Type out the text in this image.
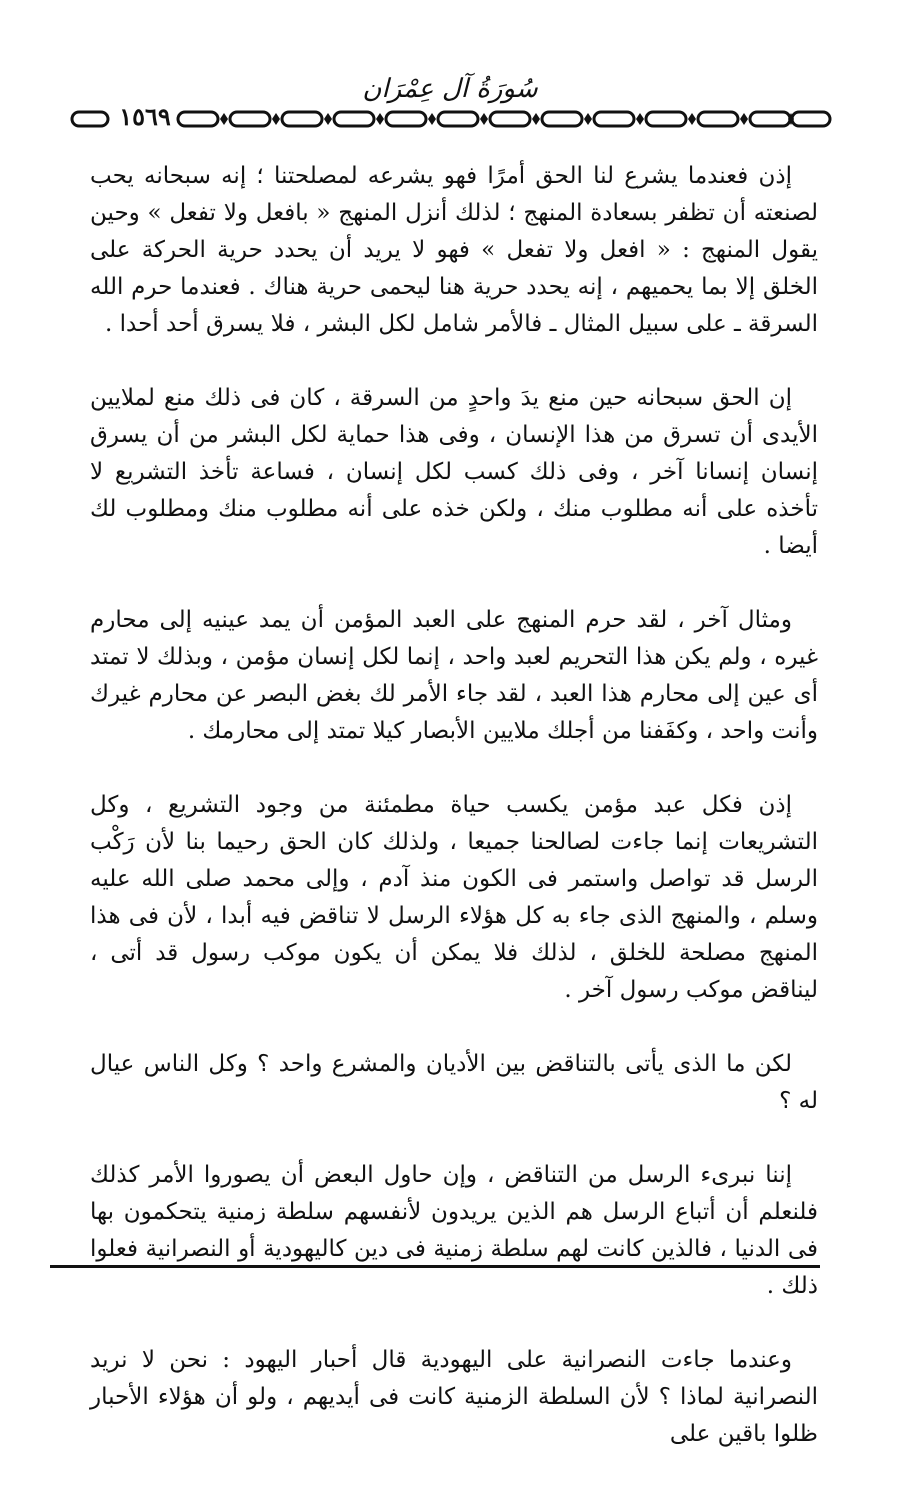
سُورَةُ آل عِمْرَان
١٥٦٩

إذن فعندما يشرع لنا الحق أمرًا فهو يشرعه لمصلحتنا ؛ إنه سبحانه يحب لصنعته أن تظفر بسعادة المنهج ؛ لذلك أنزل المنهج « بافعل ولا تفعل » وحين يقول المنهج : « افعل ولا تفعل » فهو لا يريد أن يحدد حرية الحركة على الخلق إلا بما يحميهم ، إنه يحدد حرية هنا ليحمى حرية هناك . فعندما حرم الله السرقة ـ على سبيل المثال ـ فالأمر شامل لكل البشر ، فلا يسرق أحد أحدا .

إن الحق سبحانه حين منع يدَ واحدٍ من السرقة ، كان فى ذلك منع لملايين الأيدى أن تسرق من هذا الإنسان ، وفى هذا حماية لكل البشر من أن يسرق إنسان إنسانا آخر ، وفى ذلك كسب لكل إنسان ، فساعة تأخذ التشريع لا تأخذه على أنه مطلوب منك ، ولكن خذه على أنه مطلوب منك ومطلوب لك أيضا .

ومثال آخر ، لقد حرم المنهج على العبد المؤمن أن يمد عينيه إلى محارم غيره ، ولم يكن هذا التحريم لعبد واحد ، إنما لكل إنسان مؤمن ، وبذلك لا تمتد أى عين إلى محارم هذا العبد ، لقد جاء الأمر لك بغض البصر عن محارم غيرك وأنت واحد ، وكفَفنا من أجلك ملايين الأبصار كيلا تمتد إلى محارمك .

إذن فكل عبد مؤمن يكسب حياة مطمئنة من وجود التشريع ، وكل التشريعات إنما جاءت لصالحنا جميعا ، ولذلك كان الحق رحيما بنا لأن رَكْب الرسل قد تواصل واستمر فى الكون منذ آدم ، وإلى محمد صلى الله عليه وسلم ، والمنهج الذى جاء به كل هؤلاء الرسل لا تناقض فيه أبدا ، لأن فى هذا المنهج مصلحة للخلق ، لذلك فلا يمكن أن يكون موكب رسول قد أتى ، ليناقض موكب رسول آخر .

لكن ما الذى يأتى بالتناقض بين الأديان والمشرع واحد ؟ وكل الناس عيال له ؟

إننا نبرىء الرسل من التناقض ، وإن حاول البعض أن يصوروا الأمر كذلك فلنعلم أن أتباع الرسل هم الذين يريدون لأنفسهم سلطة زمنية يتحكمون بها فى الدنيا ، فالذين كانت لهم سلطة زمنية فى دين كاليهودية أو النصرانية فعلوا ذلك .

وعندما جاءت النصرانية على اليهودية قال أحبار اليهود : نحن لا نريد النصرانية لماذا ؟ لأن السلطة الزمنية كانت فى أيديهم ، ولو أن هؤلاء الأحبار ظلوا باقين على
